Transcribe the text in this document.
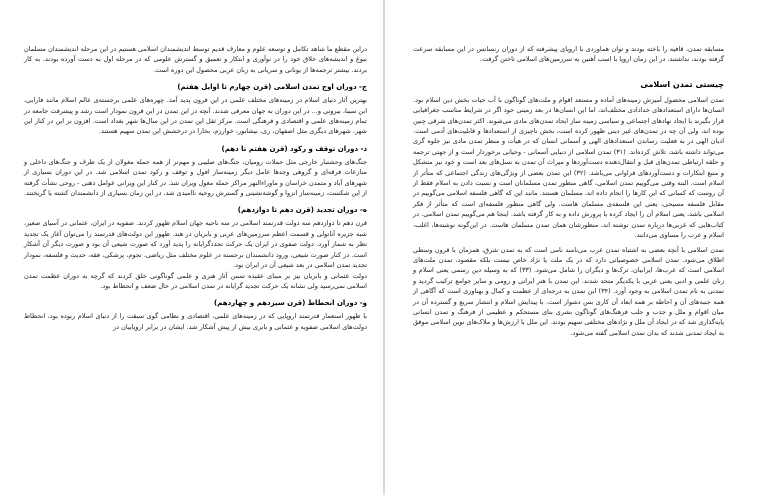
دراین مقطع ما شاهد تکامل و توسعه علوم و معارف قدیم توسط اندیشمندان اسلامی هستیم در این مرحله اندیشمندان مسلمان نبوغ و اندیشه‌های خلاق خود را در نوآوری و ابتکار و تعمیق و گسترش علومی که در مرحله اول به دست آورده بودند، به کار بردند. بیشتر ترجمه‌ها از یونانی و سریانی به زبان عربی محصول این دوره است.

ج- دوران اوج تمدن اسلامی (قرن چهارم تا اوایل هفتم)

بهترین آثار دنیای اسلام در زمینه‌های مختلف علمی در این قرون پدید آمد. چهره‌های علمی برجسته‌ی عالم اسلام مانند فارابی، ابن سینا، بیرونی و... در این دوران به جهان معرفی شدند. آنچه در این تمدن در این قرون نمودار است رشد و پیشرفت جامعه در تمام زمینه‌های علمی و اقتصادی و فرهنگی است. مرکز ثقل این تمدن در این سال‌ها شهر بغداد است. افزون بر این در کنار این شهر، شهرهای دیگری مثل اصفهان، ری، نیشابور، خوارزم، بخارا در درخشش این تمدن سهیم هستند.

د- دوران توقف و رکود (قرن هفتم تا دهم)

جنگ‌های وحشتبار خارجی مثل حملات رومیان، جنگ‌های صلیبی و مهم‌تر از همه حمله مغولان از یک طرف و جنگ‌های داخلی و منازعات فرقه‌ای و گروهی وجدها عامل دیگر زمینه‌ساز افول و توقف و رکود تمدن اسلامی شد. در این دوران بسیاری از شهرهای آباد و متمدن خراسان و ماوراءالنهر مراکز حمله مغول ویران شد. در کنار این ویرانی عوامل ذهنی - روحی نشأت گرفته از این شکست، زمینه‌ساز انزوا و گوشه‌نشینی و گسترش روحیه ناامیدی شد. در این زمان بسیاری از دانشمندان کشته یا گریختند.

ه- دوران تجدید (قرن دهم تا دوازدهم)

قرن دهم تا دوازدهم سه دولت قدرتمند اسلامی در سه ناحیه جهان اسلام ظهور کردند. صفویه در ایران، عثمانی در آسیای صغیر، شبه جزیره آناتولی و قسمت اعظم سرزمین‌های عربی و بابریان در هند. ظهور این دولت‌های قدرتمند را می‌توان آغاز یک تجدید نظر به شمار آورد. دولت صفوی در ایران یک حرکت تجددگرایانه را پدید آورد که صورت شیعی آن بود و صورت دیگر آن آشکار است. در کنار صورت شیعی، ورود دانشمندان برجسته در علوم مختلف مثل ریاضی، نجوم، پزشکی، فقه، حدیث و فلسفه، نمودار تجدید تمدن اسلامی در بعد شیعی آن در ایران بود.

دولت عثمانی و بابریان نیز بر مبنای عقیده تسنن آثار هنری و علمی گوناگونی خلق کردند که گرچه به دوران عظمت تمدن اسلامی نمی‌رسید ولی نشانه یک حرکت تجدید گرایانه در تمدن اسلامی در حال ضعف و انحطاط بود.

و- دوران انحطاط (قرن سیزدهم و چهاردهم)

با ظهور استعمار قدرتمند اروپایی که در زمینه‌های علمی، اقتصادی و نظامی گوی سبقت را از دنیای اسلام ربوده بود، انحطاط دولت‌های اسلامی صفویه و عثمانی و بابری بیش از پیش آشکار شد. ایشان در برابر اروپاییان در

مسابقه تمدن، قافیه را باخته بودند و توان هماوردی با اروپای پیشرفته که از دوران رنسانس در این مسابقه سرعت گرفته بودند، نداشتند. در این زمان اروپا با اسب آهنین به سرزمین‌های اسلامی تاختن گرفت.

چیستی تمدن اسلامی

تمدن اسلامی محصول آمیزش زمینه‌های آماده و مستعد اقوام و ملت‌های گوناگون با آب حیات بخش دین اسلام بود. انسان‌ها دارای استعدادهای خدادادی مختلف‌اند، اما این انسان‌ها در بعد زمینی خود اگر در شرایط مناسب جغرافیایی قرار بگیرند با ایجاد نهادهای اجتماعی و سیاسی زمینه ساز ایجاد تمدن‌های مادی می‌شوند. اکثر تمدن‌های شرقی چنین بوده اند، ولی آن چه در تمدن‌های غیر دینی ظهور کرده است، بخش ناچیزی از استعدادها و قابلیت‌های آدمی است. ادیان الهی در به فعلیت رساندن استعدادهای الهی و آسمانی انسان که در هیأت و منظر تمدن مادی نیز جلوه گری می‌تواند داشته باشد، تلاش کرده‌اند. (۳۱) تمدن اسلامی از دنیایی آسمانی - وحیانی برخوردار است و از جهتی ترجمه و حلقه ارتباطی تمدن‌های قبل و انتقال‌دهنده دست‌آوردها و میراث آن تمدن به نسل‌های بعد است و خود نیز متشکل و منبع ابتکارات و دست‌آوردهای فراوانی می‌باشد. (۳۲) این تمدن بعضی از ویژگی‌های زندگی اجتماعی که متأثر از اسلام است. البته وقتی می‌گوییم تمدن اسلامی، گاهی منظور تمدن مسلمانان است و نسبت دادن به اسلام فقط از آن روست که کسانی که این کارها را انجام داده اند، مسلمان هستند. مانند این که گاهی فلسفه اسلامی می‌گوییم در مقابل فلسفه مسیحی، یعنی این فلسفه‌ی مسلمان هاست. ولی گاهی منظور فلسفه‌ای است که متأثر از فکر اسلامی باشد، یعنی اسلام آن را ایجاد کرده یا پرورش داده و به کار گرفته باشد. اینجا هم می‌گوییم تمدن اسلامی. در کتاب‌هایی که غربی‌ها درباره تمدن نوشته اند، منظورشان همان تمدن مسلمان هاست. در این‌گونه نوشته‌ها، اغلب، اسلام و عرب را مساوی می‌دانند.

تمدن اسلامی با آنچه بعضی به اشتباه تمدن عرب می‌نامند نامی است که به تمدن شرق، همزمان با قرون وسطی اطلاق می‌شود. تمدن اسلامی خصوصیاتی دارد که در یک ملت یا نژاد خاص نیست بلکه مقصود، تمدن ملت‌های اسلامی است که عرب‌ها، ایرانیان، ترک‌ها و دیگران را شامل می‌شود. (۳۳) که به وسیله دین رسمی یعنی اسلام و زبان علمی و ادبی یعنی عربی با یکدیگر متحد شدند. این تمدن با هنر ایرانی و رومی و سایر جوامع ترکیب گردید و تمدنی به نام تمدن اسلامی به وجود آورد. (۳۴) این تمدن به درجه‌ای از عظمت و کمال و بهناوری است که آگاهی از همه جنبه‌های آن و احاطه بر همه ابعاد آن کاری بس دشوار است. با پیدایش اسلام و انتشار سریع و گسترده آن در میان اقوام و ملل و جذب و جلب فرهنگ‌های گوناگون بشری بنای مستحکم و عظیمی از فرهنگ و تمدن انسانی پایه‌گذاری شد که در ایجاد آن ملل و نژادهای مختلفی سهیم بودند. این ملل با ارزش‌ها و ملاک‌های نوین اسلامی موفق به ایجاد تمدنی شدند که بدان تمدن اسلامی گفته می‌شود.
